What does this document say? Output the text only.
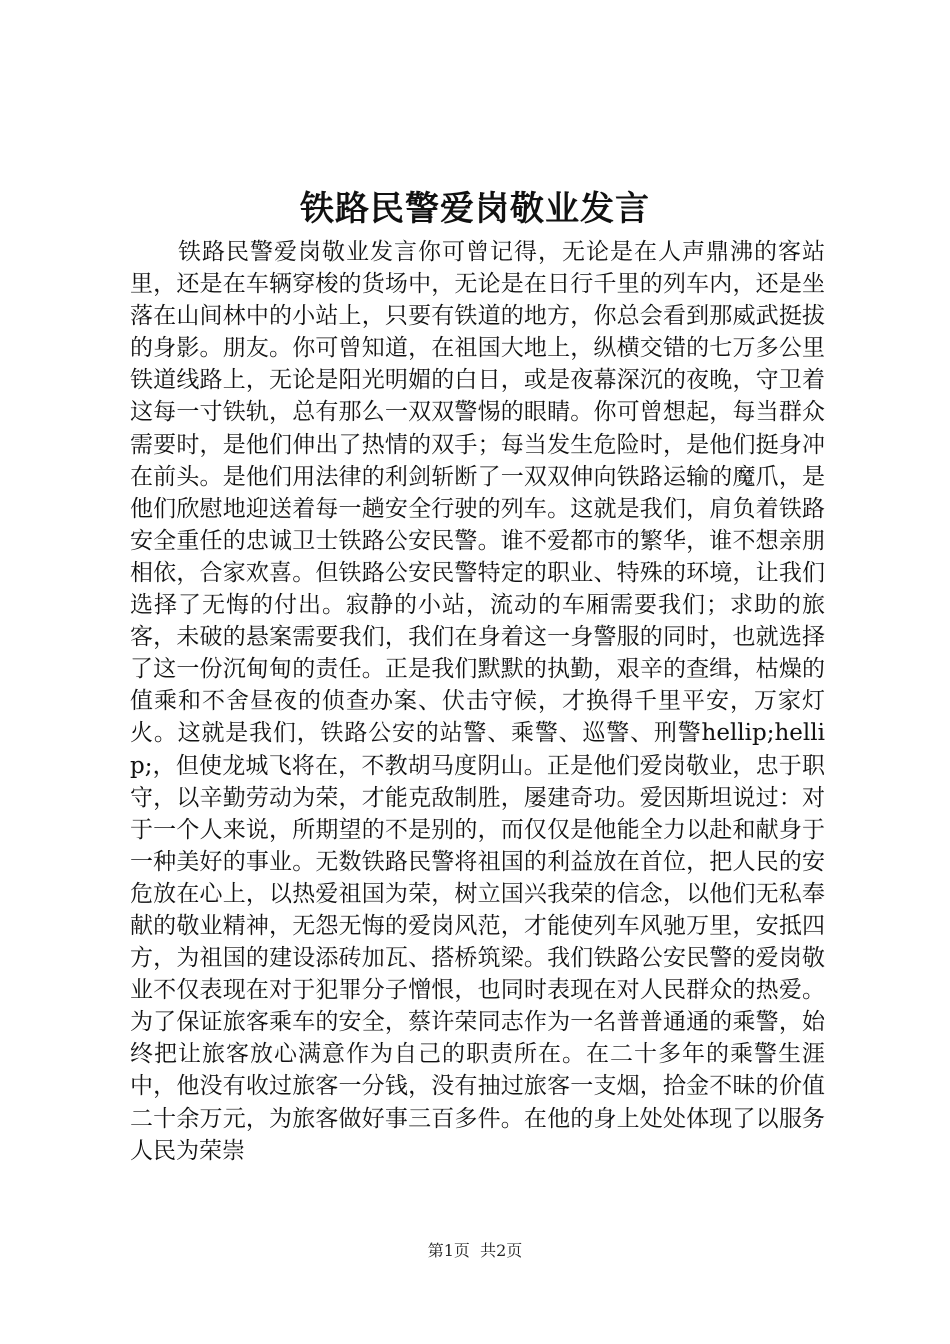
铁路民警爱岗敬业发言

铁路民警爱岗敬业发言你可曾记得，无论是在人声鼎沸的客站里，还是在车辆穿梭的货场中，无论是在日行千里的列车内，还是坐落在山间林中的小站上，只要有铁道的地方，你总会看到那威武挺拔的身影。朋友。你可曾知道，在祖国大地上，纵横交错的七万多公里铁道线路上，无论是阳光明媚的白日，或是夜幕深沉的夜晚，守卫着这每一寸铁轨，总有那么一双双警惕的眼睛。你可曾想起，每当群众需要时，是他们伸出了热情的双手；每当发生危险时，是他们挺身冲在前头。是他们用法律的利剑斩断了一双双伸向铁路运输的魔爪，是他们欣慰地迎送着每一趟安全行驶的列车。这就是我们，肩负着铁路安全重任的忠诚卫士铁路公安民警。谁不爱都市的繁华，谁不想亲朋相依，合家欢喜。但铁路公安民警特定的职业、特殊的环境，让我们选择了无悔的付出。寂静的小站，流动的车厢需要我们；求助的旅客，未破的悬案需要我们，我们在身着这一身警服的同时，也就选择了这一份沉甸甸的责任。正是我们默默的执勤，艰辛的查缉，枯燥的值乘和不舍昼夜的侦查办案、伏击守候，才换得千里平安，万家灯火。这就是我们，铁路公安的站警、乘警、巡警、刑警hellip;hellip;，但使龙城飞将在，不教胡马度阴山。正是他们爱岗敬业，忠于职守，以辛勤劳动为荣，才能克敌制胜，屡建奇功。爱因斯坦说过：对于一个人来说，所期望的不是别的，而仅仅是他能全力以赴和献身于一种美好的事业。无数铁路民警将祖国的利益放在首位，把人民的安危放在心上，以热爱祖国为荣，树立国兴我荣的信念，以他们无私奉献的敬业精神，无怨无悔的爱岗风范，才能使列车风驰万里，安抵四方，为祖国的建设添砖加瓦、搭桥筑梁。我们铁路公安民警的爱岗敬业不仅表现在对于犯罪分子憎恨，也同时表现在对人民群众的热爱。为了保证旅客乘车的安全，蔡许荣同志作为一名普普通通的乘警，始终把让旅客放心满意作为自己的职责所在。在二十多年的乘警生涯中，他没有收过旅客一分钱，没有抽过旅客一支烟，拾金不昧的价值二十余万元，为旅客做好事三百多件。在他的身上处处体现了以服务人民为荣崇

第1页  共2页
